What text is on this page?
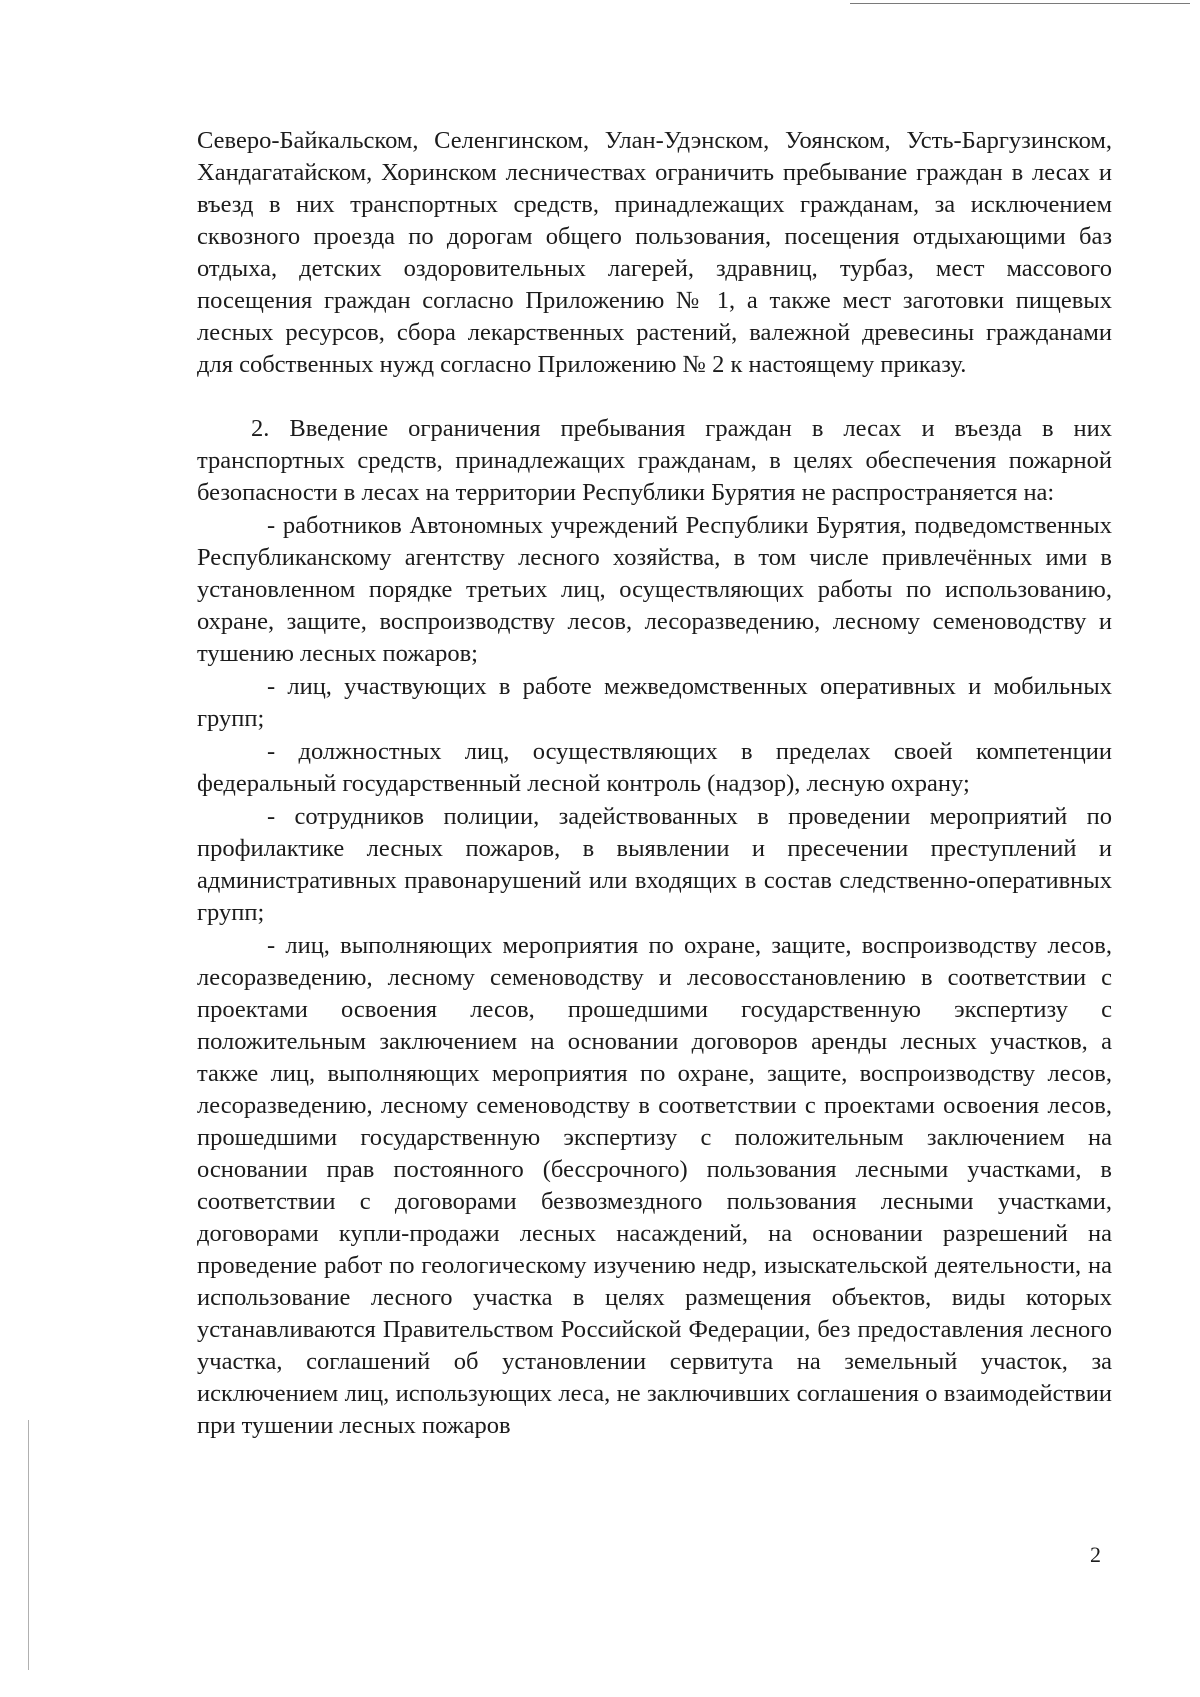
Северо-Байкальском, Селенгинском, Улан-Удэнском, Уоянском, Усть-Баргузинском, Хандагатайском, Хоринском лесничествах ограничить пребывание граждан в лесах и въезд в них транспортных средств, принадлежащих гражданам, за исключением сквозного проезда по дорогам общего пользования, посещения отдыхающими баз отдыха, детских оздоровительных лагерей, здравниц, турбаз, мест массового посещения граждан согласно Приложению № 1, а также мест заготовки пищевых лесных ресурсов, сбора лекарственных растений, валежной древесины гражданами для собственных нужд согласно Приложению № 2 к настоящему приказу.

2. Введение ограничения пребывания граждан в лесах и въезда в них транспортных средств, принадлежащих гражданам, в целях обеспечения пожарной безопасности в лесах на территории Республики Бурятия не распространяется на:

- работников Автономных учреждений Республики Бурятия, подведомственных Республиканскому агентству лесного хозяйства, в том числе привлечённых ими в установленном порядке третьих лиц, осуществляющих работы по использованию, охране, защите, воспроизводству лесов, лесоразведению, лесному семеноводству и тушению лесных пожаров;

- лиц, участвующих в работе межведомственных оперативных и мобильных групп;

- должностных лиц, осуществляющих в пределах своей компетенции федеральный государственный лесной контроль (надзор), лесную охрану;

- сотрудников полиции, задействованных в проведении мероприятий по профилактике лесных пожаров, в выявлении и пресечении преступлений и административных правонарушений или входящих в состав следственно-оперативных групп;

- лиц, выполняющих мероприятия по охране, защите, воспроизводству лесов, лесоразведению, лесному семеноводству и лесовосстановлению в соответствии с проектами освоения лесов, прошедшими государственную экспертизу с положительным заключением на основании договоров аренды лесных участков, а также лиц, выполняющих мероприятия по охране, защите, воспроизводству лесов, лесоразведению, лесному семеноводству в соответствии с проектами освоения лесов, прошедшими государственную экспертизу с положительным заключением на основании прав постоянного (бессрочного) пользования лесными участками, в соответствии с договорами безвозмездного пользования лесными участками, договорами купли-продажи лесных насаждений, на основании разрешений на проведение работ по геологическому изучению недр, изыскательской деятельности, на использование лесного участка в целях размещения объектов, виды которых устанавливаются Правительством Российской Федерации, без предоставления лесного участка, соглашений об установлении сервитута на земельный участок, за исключением лиц, использующих леса, не заключивших соглашения о взаимодействии при тушении лесных пожаров

2
